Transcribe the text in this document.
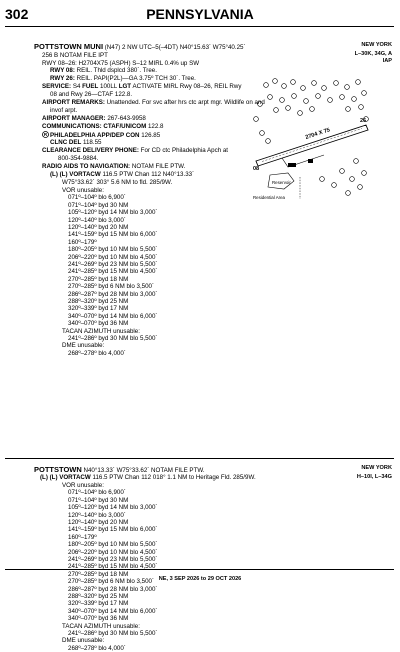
302	PENNSYLVANIA
POTTSTOWN MUNI (N47) 2 NW UTC–5(–4DT) N40°15.63´ W75°40.25´	NEW YORK
256 B NOTAM FILE IPT	L–30K, 34G, A
IAP
RWY 08–26: H2704X75 (ASPH) S–12 MIRL 0.4% up SW
RWY 08: REIL. Thld dsplcd 380´. Tree.
RWY 26: REIL. PAPI(P2L)—GA 3.75º TCH 30´. Tree.
SERVICE: S4 FUEL 100LL LGT ACTIVATE MIRL Rwy 08–26, REIL Rwy
08 and Rwy 26—CTAF 122.8.
AIRPORT REMARKS: Unattended. For svc after hrs ctc arpt mgr. Wildlife on and
invof arpt.
AIRPORT MANAGER: 267-643-9958
COMMUNICATIONS: CTAF/UNICOM 122.8
R PHILADELPHIA APP/DEP CON 126.85
CLNC DEL 118.55
CLEARANCE DELIVERY PHONE: For CD ctc Philadelphia Apch at
800-354-9884.
RADIO AIDS TO NAVIGATION: NOTAM FILE PTW.
(L) (L) VORTACW 116.5 PTW Chan 112 N40°13.33´
W75°33.62´ 303° 5.6 NM to fld. 285/9W.
VOR unusable:
071º–104º blo 6,900´
071º–104º byd 30 NM
105º–120º byd 14 NM blo 3,000´
120º–140º blo 3,000´
120º–140º byd 20 NM
141º–159º byd 15 NM blo 6,000´
160º–179º
180º–205º byd 10 NM blo 5,500´
206º–220º byd 10 NM blo 4,500´
241º–269º byd 23 NM blo 5,500´
241º–285º byd 15 NM blo 4,500´
270º–285º byd 18 NM
270º–285º byd 6 NM blo 3,500´
286º–287º byd 28 NM blo 3,000´
288º–320º byd 25 NM
320º–339º byd 17 NM
340º–070º byd 14 NM blo 6,000´
340º–070º byd 36 NM
TACAN AZIMUTH unusable:
241º–286º byd 30 NM blo 5,500´
DME unusable:
268º–278º blo 4,000´
08
26
2704 X 75
Reservoir
Residential Area
POTTSTOWN N40°13.33´ W75°33.62´ NOTAM FILE PTW.	NEW YORK
H–10I, L–34G
(L) (L) VORTACW 116.5 PTW Chan 112 018° 1.1 NM to Heritage Fld. 285/9W.
VOR unusable:
071º–104º blo 6,900´
071º–104º byd 30 NM
105º–120º byd 14 NM blo 3,000´
120º–140º blo 3,000´
120º–140º byd 20 NM
141º–159º byd 15 NM blo 6,000´
160º–179º
180º–205º byd 10 NM blo 5,500´
206º–220º byd 10 NM blo 4,500´
241º–269º byd 23 NM blo 5,500´
241º–285º byd 15 NM blo 4,500´
270º–285º byd 18 NM
270º–285º byd 6 NM blo 3,500´
286º–287º byd 28 NM blo 3,000´
288º–320º byd 25 NM
320º–339º byd 17 NM
340º–070º byd 14 NM blo 6,000´
340º–070º byd 36 NM
TACAN AZIMUTH unusable:
241º–286º byd 30 NM blo 5,500´
DME unusable:
268º–278º blo 4,000´
NE, 3 SEP 2026 to 29 OCT 2026
